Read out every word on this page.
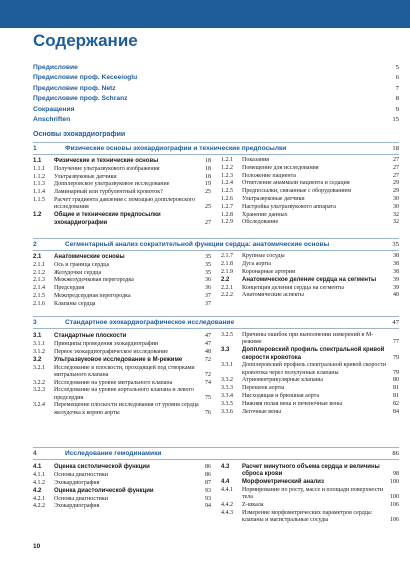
Содержание
Предисловие	5
Предисловие проф. Keceeioglu	6
Предисловие проф. Netz	7
Предисловие проф. Schranz	8
Сокращения	9
Anschriften	15
Основы эхокардиографии
1	Физические основы эхокардиографии и технические предпосылки	18
1.1	Физические и технические основы	18
1.1.1	Получение ультразвукового изображения	18
1.1.2	Ультразвуковые датчики	18
1.1.3	Допплеровское ультразвуковое исследование	19
1.1.4	Ламинарный или турбулентный кровоток?	25
1.1.5	Расчет градиента давления с помощью допплеровского исследования	25
1.2	Общие и технические предпосылки эхокардиографии	27
1.2.1	Показания	27
1.2.2	Помещение для исследования	27
1.2.3	Положение пациента	27
1.2.4	Ответление анаммали пациента и седация	29
1.2.5	Предпосылки, связанные с оборудованием	29
1.2.6	Ультразвуковые датчики	30
1.2.7	Настройка ультразвукового аппарата	30
1.2.8	Хранение данных	32
1.2.9	Обследование	32
2	Сегментарный анализ сократительной функции сердца: анатомические основы	35
2.1	Анатомические основы	35
2.1.1	Ось и граница сердца	35
2.1.2	Желудочки сердца	35
2.1.3	Межжелудочковая перегородка	36
2.1.4	Предсердия	36
2.1.5	Межпредсердная перегородка	37
2.1.6	Клапаны сердца	37
2.1.7	Крупные сосуды	38
2.1.8	Дуга аорты	38
2.1.9	Коронарные артерии	38
2.2	Анатомическое деление сердца на сегменты	39
2.2.1	Концепция деления сердца на сегменты	39
2.2.2	Анатомические аспекты	40
3	Стандартное эхокардиографическое исследование	47
3.1	Стандартные плоскости	47
3.1.1	Принципы проведения эхокардиографии	47
3.1.2	Первое эхокардиографическое исследование	48
3.2	Ультразвуковое исследование в М-режиме	72
3.2.1	Исследование в плоскости, проходящей под створками митрального клапана	72
3.2.2	Исследование на уровне митрального клапана	74
3.2.3	Исследование на уровне аортального клапана и левого предсердия	75
3.2.4	Перемещение плоскости исследования от уровня сердца желудочка к корню аорты	76
3.2.5	Причины ошибок при выполнении измерений в М-режиме	77
3.3	Допплеровский профиль спектральной кривой скорости кровотока	79
3.3.1	Допплеровский профиль спектральной кривой скорости кровотока через полулунные клапаны	79
3.3.2	Атриовентрикулярные клапаны	80
3.3.3	Перешеек аорты	81
3.3.4	Нисходящая и брюшная аорта	81
3.3.5	Нижняя полая вена и печеночные вены	82
3.3.6	Легочные вены	84
4	Исследование гемодинамики	86
4.1	Оценка систолической функции	86
4.1.1	Основы диагностики	86
4.1.2	Эхокардиография	87
4.2	Оценка диастолической функции	93
4.2.1	Основы диагностики	93
4.2.2	Эхокардиография	94
4.3	Расчет минутного объема сердца и величины сброса крови	98
4.4	Морфометрический анализ	100
4.4.1	Нормирование по росту, массе и площади поверхности тела	100
4.4.2	Z-шкала	106
4.4.3	Измерение морфометрических параметров сердца: клапаны и магистральные сосуды	106
10
